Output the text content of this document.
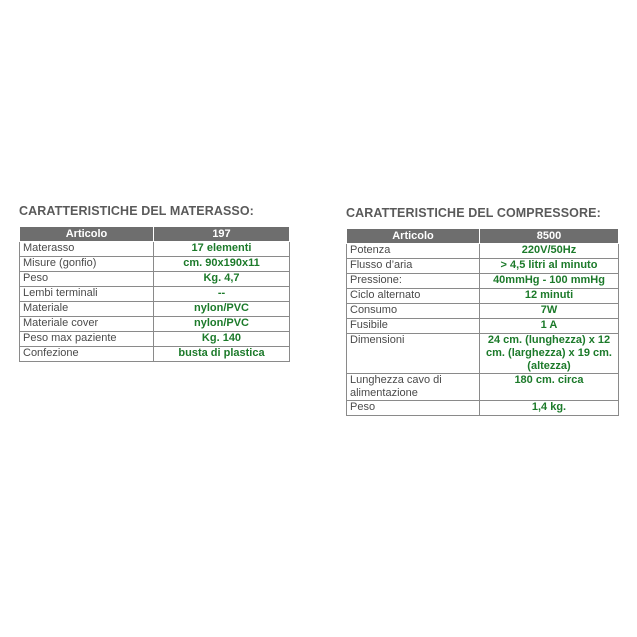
CARATTERISTICHE DEL MATERASSO:
Articolo	197
Materasso	17 elementi
Misure (gonfio)	cm. 90x190x11
Peso	Kg. 4,7
Lembi terminali	--
Materiale	nylon/PVC
Materiale cover	nylon/PVC
Peso max paziente	Kg. 140
Confezione	busta di plastica
CARATTERISTICHE DEL COMPRESSORE:
Articolo	8500
Potenza	220V/50Hz
Flusso d’aria	> 4,5 litri al minuto
Pressione:	40mmHg - 100 mmHg
Ciclo alternato	12 minuti
Consumo	7W
Fusibile	1 A
Dimensioni	24 cm. (lunghezza) x 12 cm. (larghezza) x 19 cm. (altezza)
Lunghezza cavo di alimentazione	180 cm. circa
Peso	1,4 kg.
